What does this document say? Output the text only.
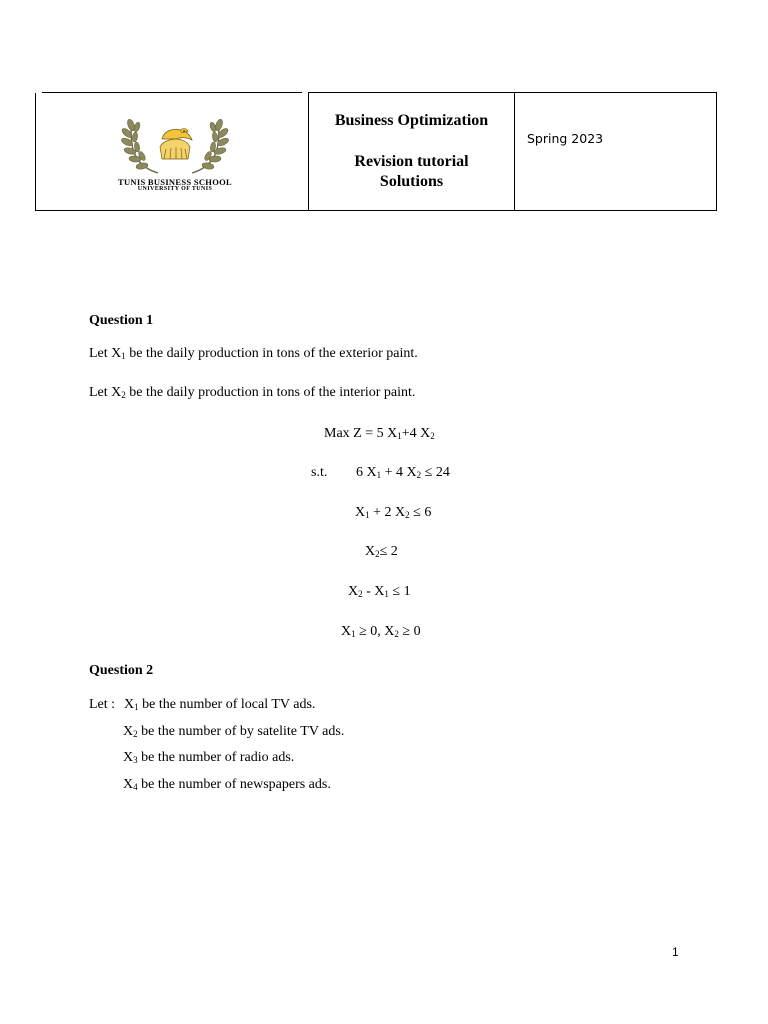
TUNIS BUSINESS SCHOOL
UNIVERSITY OF TUNIS

Business Optimization
Revision tutorial
Solutions
	Spring 2023
Question 1
Let $X_1$ be the daily production in tons of the exterior paint.
Let $X_2$ be the daily production in tons of the interior paint.
Max Z = 5 $X_1+4$ $X_2$
s.t. 6 $X_1 + 4$ $X_2 \le 24$
$X_1 + 2$ $X_2 \le 6$
$X_2\le 2$
$X_2 - X_1 \le 1$
$X_1 \ge 0$, $X_2 \ge 0$
Question 2
Let : $X_1$ be the number of local TV ads.
$X_2$ be the number of by satelite TV ads.
$X_3$ be the number of radio ads.
$X_4$ be the number of newspapers ads.
1
